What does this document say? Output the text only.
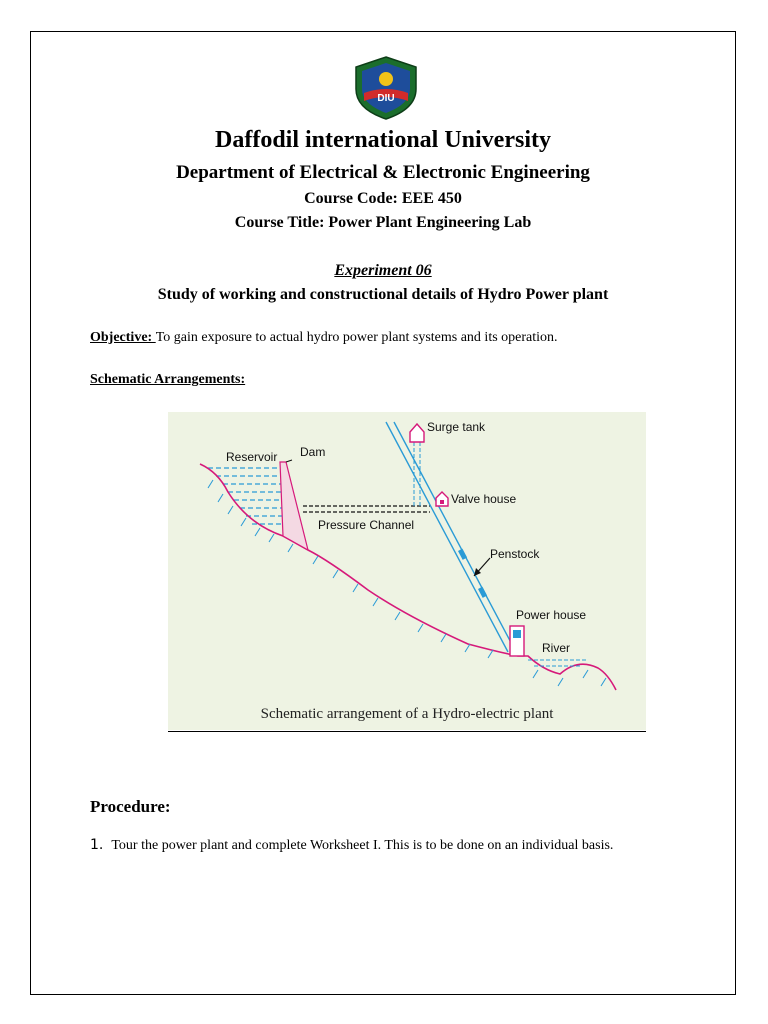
DIU
Daffodil international University
Department of Electrical & Electronic Engineering
Course Code: EEE 450
Course Title: Power Plant Engineering Lab
Experiment 06
Study of working and constructional details of Hydro Power plant
Objective: To gain exposure to actual hydro power plant systems and its operation.
Schematic Arrangements:
Reservoir Dam
Surge tank
Valve house
Pressure Channel
Penstock
Power house
River
Schematic arrangement of a Hydro-electric plant
Procedure:
1. Tour the power plant and complete Worksheet I. This is to be done on an individual basis.
